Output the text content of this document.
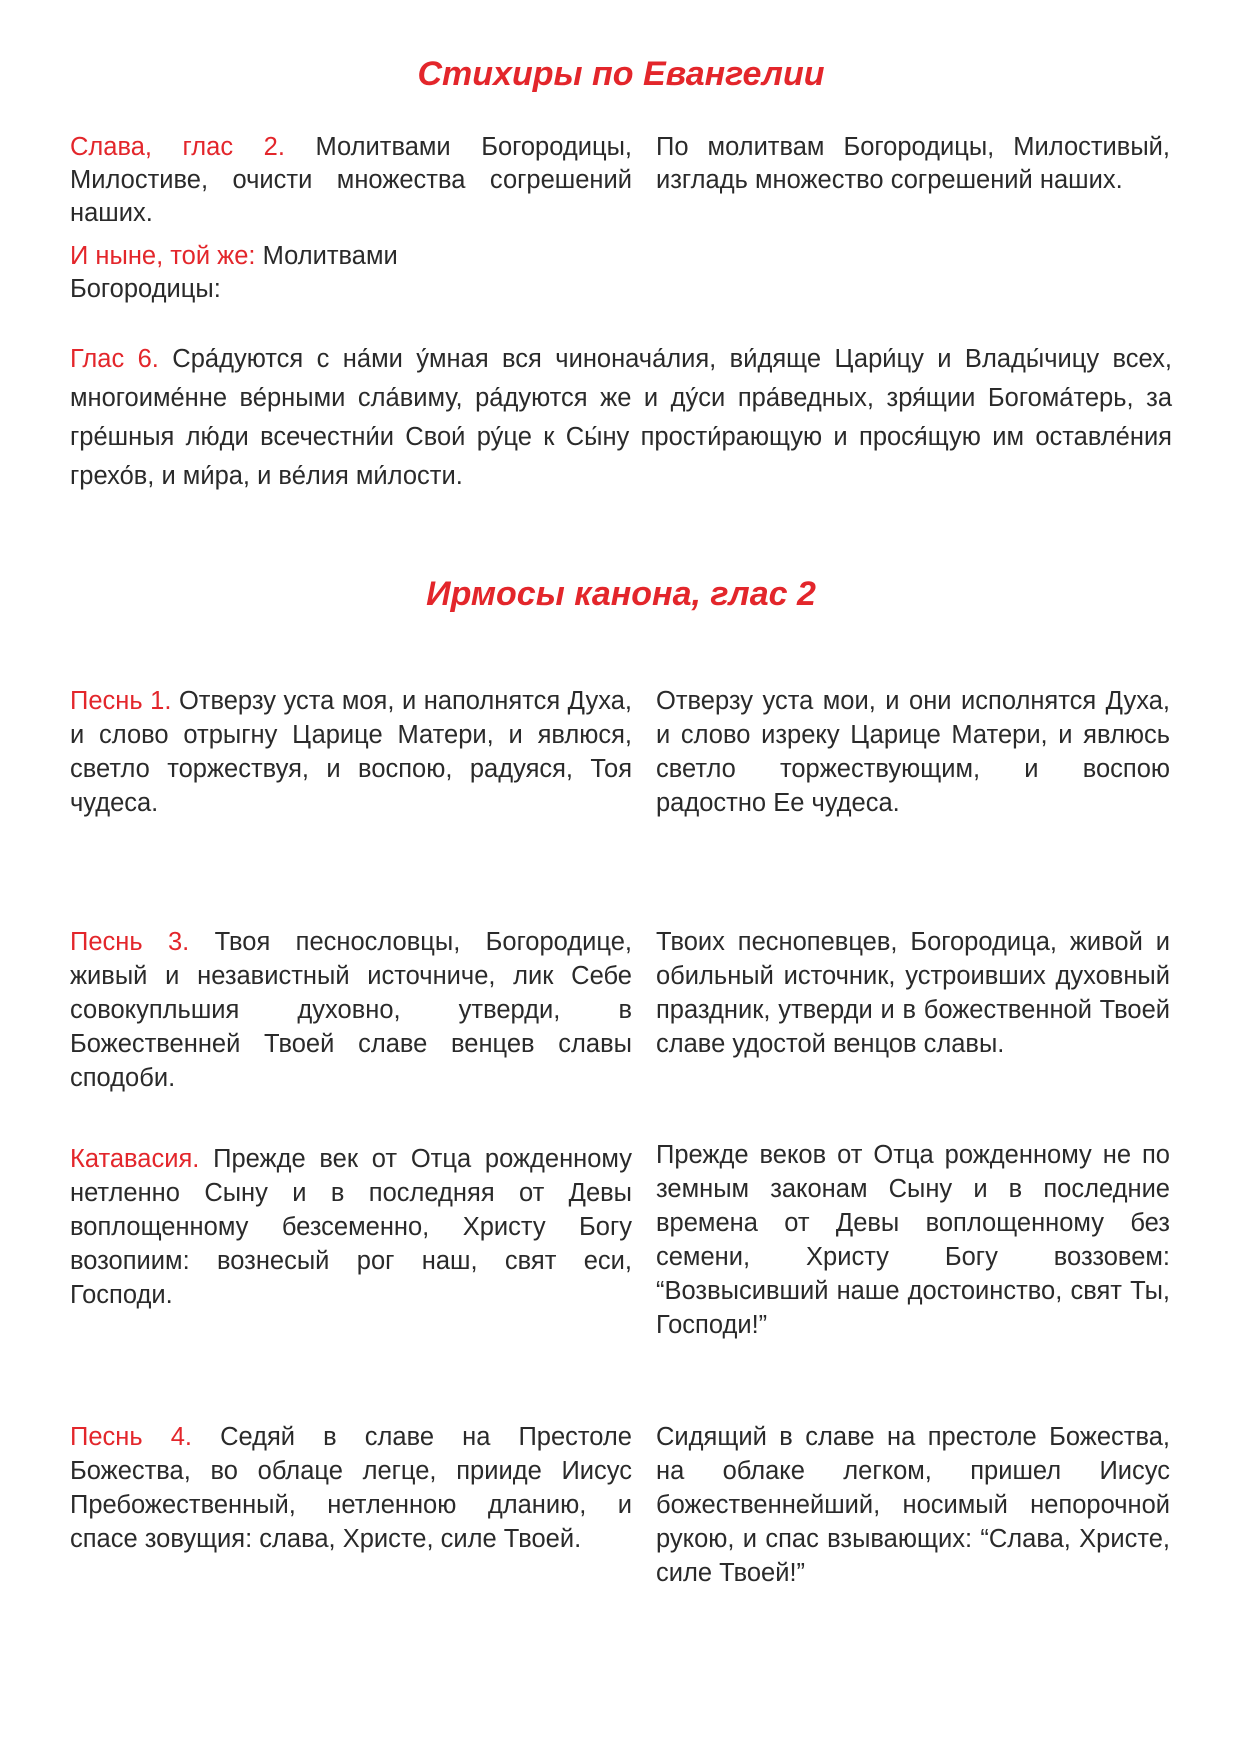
Стихиры по Евангелии

Слава, глас 2. Молитвами Богородицы, Милостиве, очисти множества согрешений наших.

По молитвам Богородицы, Милостивый, изгладь множество согрешений наших.

И ныне, той же: Молитвами Богородицы:

Глас 6. Сра́дуются с на́ми у́мная вся чинонача́лия, ви́дяще Цари́цу и Влады́чицу всех, многоиме́нне ве́рными сла́виму, ра́дуются же и ду́си пра́ведных, зря́щии Богома́терь, за гре́шныя лю́ди всечестни́и Свои́ ру́це к Сы́ну прости́рающую и прося́щую им оставле́ния грехо́в, и ми́ра, и ве́лия ми́лости.

Ирмосы канона, глас 2

Песнь 1. Отверзу уста моя, и наполнятся Духа, и слово отрыгну Царице Матери, и явлюся, светло торжествуя, и воспою, радуяся, Тоя чудеса.

Отверзу уста мои, и они исполнятся Духа, и слово изреку Царице Матери, и явлюсь светло торжествующим, и воспою радостно Ее чудеса.

Песнь 3. Твоя песнословцы, Богородице, живый и независтный источниче, лик Себе совокупльшия духовно, утверди, в Божественней Твоей славе венцев славы сподоби.

Твоих песнопевцев, Богородица, живой и обильный источник, устроивших духовный праздник, утверди и в божественной Твоей славе удостой венцов славы.

Катавасия. Прежде век от Отца рожденному нетленно Сыну и в последняя от Девы воплощенному безсеменно, Христу Богу возопиим: вознесый рог наш, свят еси, Господи.

Прежде веков от Отца рожденному не по земным законам Сыну и в последние времена от Девы воплощенному без семени, Христу Богу воззовем: “Возвысивший наше достоинство, свят Ты, Господи!”

Песнь 4. Седяй в славе на Престоле Божества, во облаце легце, прииде Иисус Пребожественный, нетленною дланию, и спасе зовущия: слава, Христе, силе Твоей.

Сидящий в славе на престоле Божества, на облаке легком, пришел Иисус божественнейший, носимый непорочной рукою, и спас взывающих: “Слава, Христе, силе Твоей!”
